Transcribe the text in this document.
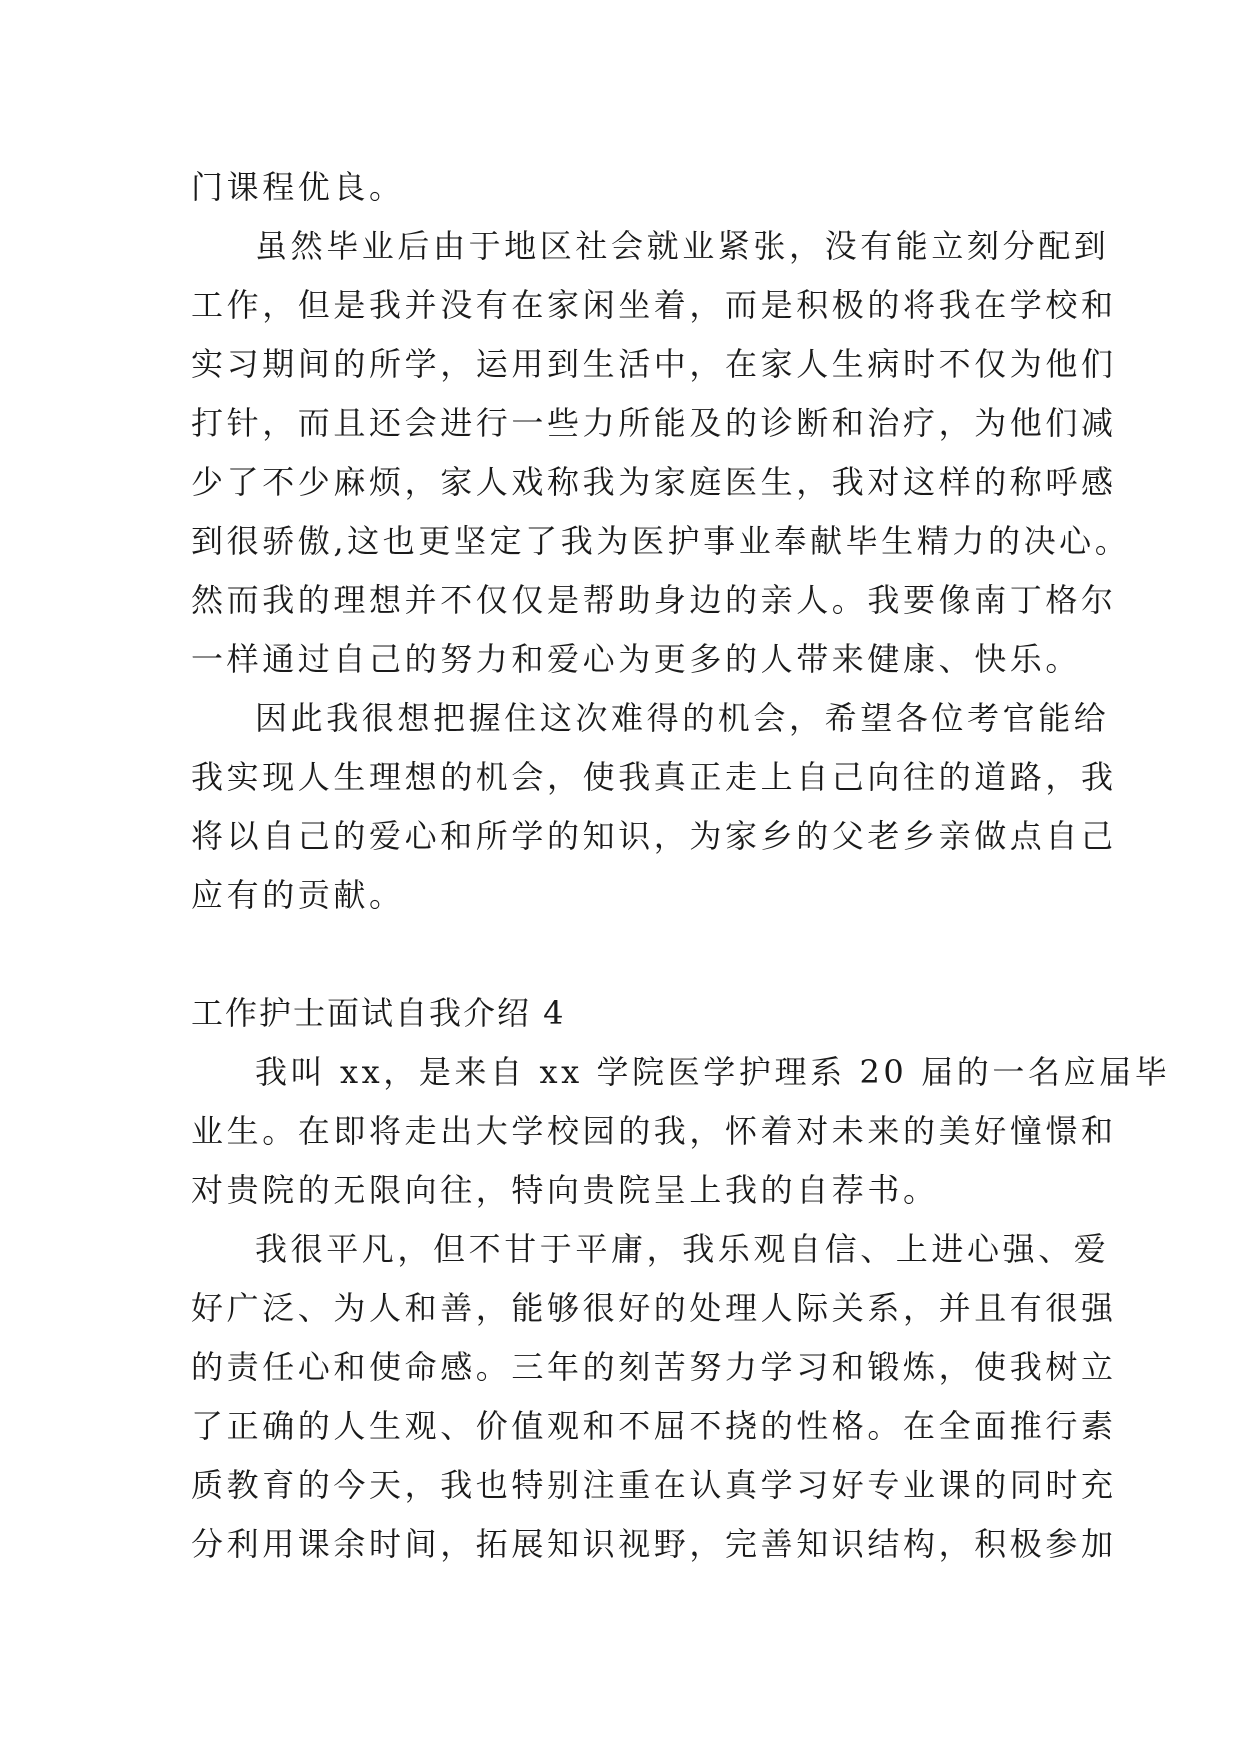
门课程优良。
虽然毕业后由于地区社会就业紧张，没有能立刻分配到
工作，但是我并没有在家闲坐着，而是积极的将我在学校和
实习期间的所学，运用到生活中，在家人生病时不仅为他们
打针，而且还会进行一些力所能及的诊断和治疗，为他们减
少了不少麻烦，家人戏称我为家庭医生，我对这样的称呼感
到很骄傲,这也更坚定了我为医护事业奉献毕生精力的决心。
然而我的理想并不仅仅是帮助身边的亲人。我要像南丁格尔
一样通过自己的努力和爱心为更多的人带来健康、快乐。
因此我很想把握住这次难得的机会，希望各位考官能给
我实现人生理想的机会，使我真正走上自己向往的道路，我
将以自己的爱心和所学的知识，为家乡的父老乡亲做点自己
应有的贡献。
工作护士面试自我介绍 4
我叫 xx，是来自 xx 学院医学护理系 20 届的一名应届毕
业生。在即将走出大学校园的我，怀着对未来的美好憧憬和
对贵院的无限向往，特向贵院呈上我的自荐书。
我很平凡，但不甘于平庸，我乐观自信、上进心强、爱
好广泛、为人和善，能够很好的处理人际关系，并且有很强
的责任心和使命感。三年的刻苦努力学习和锻炼，使我树立
了正确的人生观、价值观和不屈不挠的性格。在全面推行素
质教育的今天，我也特别注重在认真学习好专业课的同时充
分利用课余时间，拓展知识视野，完善知识结构，积极参加
